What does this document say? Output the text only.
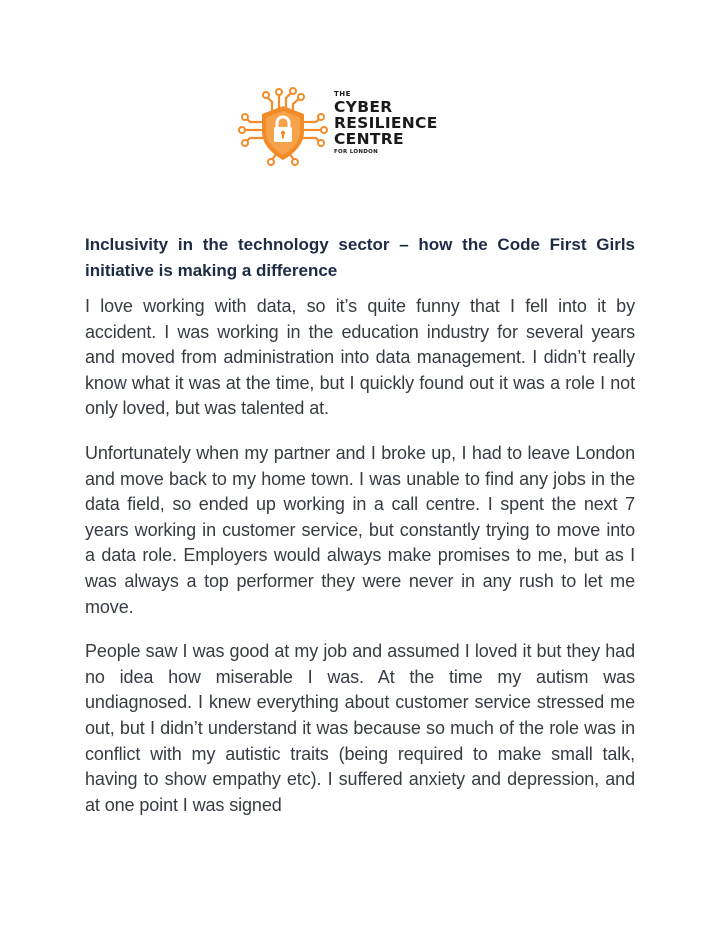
THE
CYBER
RESILIENCE
CENTRE
FOR LONDON
Inclusivity in the technology sector – how the Code First Girls initiative is making a difference

I love working with data, so it’s quite funny that I fell into it by accident. I was working in the education industry for several years and moved from administration into data management. I didn’t really know what it was at the time, but I quickly found out it was a role I not only loved, but was talented at.

Unfortunately when my partner and I broke up, I had to leave London and move back to my home town. I was unable to find any jobs in the data field, so ended up working in a call centre. I spent the next 7 years working in customer service, but constantly trying to move into a data role. Employers would always make promises to me, but as I was always a top performer they were never in any rush to let me move.

People saw I was good at my job and assumed I loved it but they had no idea how miserable I was. At the time my autism was undiagnosed. I knew everything about customer service stressed me out, but I didn’t understand it was because so much of the role was in conflict with my autistic traits (being required to make small talk, having to show empathy etc). I suffered anxiety and depression, and at one point I was signed
